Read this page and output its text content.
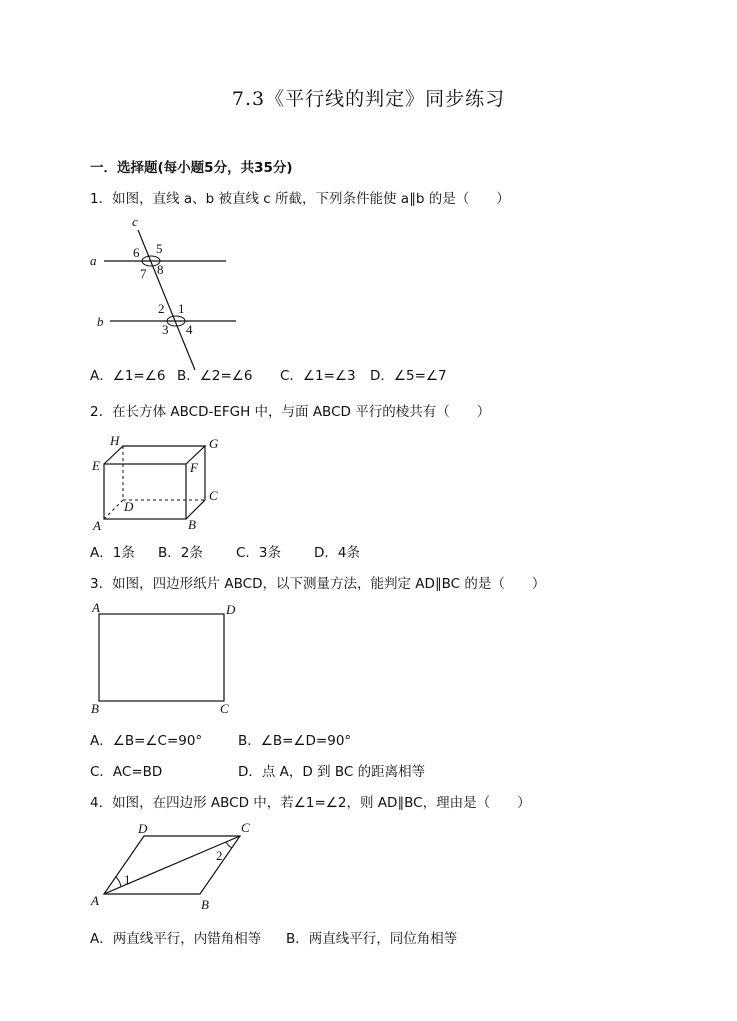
7.3《平行线的判定》同步练习
一．选择题(每小题5分，共35分)
1．如图，直线 a、b 被直线 c 所截，下列条件能使 a∥b 的是（　　）
c
a
b
6 5
7 8
2 1
3 4
A．∠1=∠6 B．∠2=∠6 C．∠1=∠3 D．∠5=∠7
2．在长方体 ABCD-EFGH 中，与面 ABCD 平行的棱共有（　　）
H	G
E	F
D
C
A	B
A．1条 B．2条 C．3条 D．4条
3．如图，四边形纸片 ABCD，以下测量方法，能判定 AD∥BC 的是（　　）
A	D
B	C
A．∠B=∠C=90°	B．∠B=∠D=90°
C．AC=BD	D．点 A，D 到 BC 的距离相等
4．如图，在四边形 ABCD 中，若∠1=∠2，则 AD∥BC，理由是（　　）
D	C
A	B
1
2
A．两直线平行，内错角相等 B．两直线平行，同位角相等
